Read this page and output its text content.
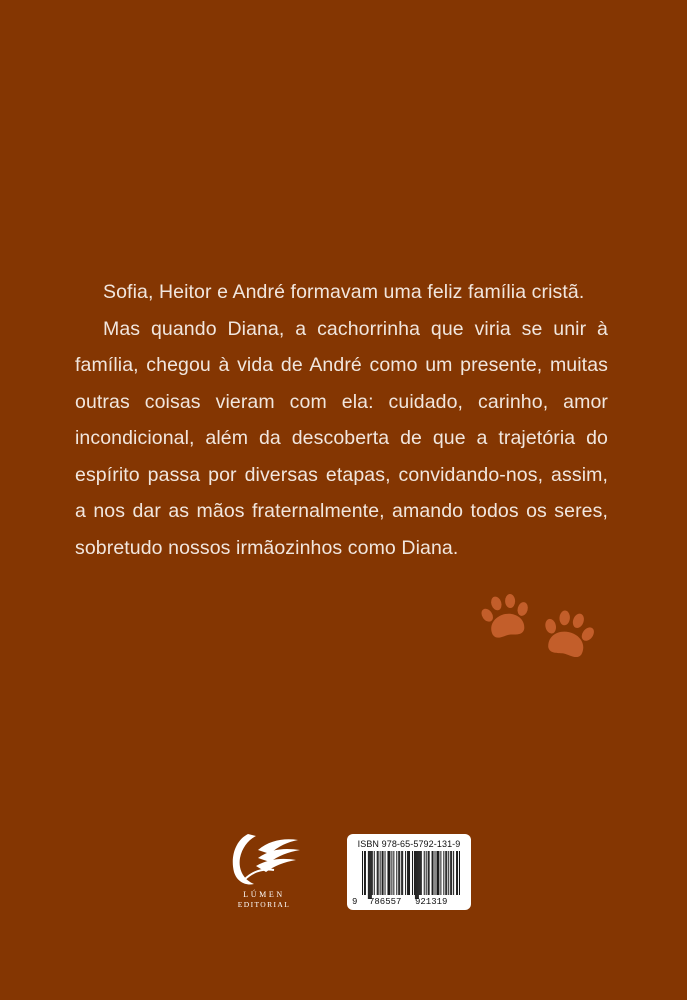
Sofia, Heitor e André formavam uma feliz família cristã.

Mas quando Diana, a cachorrinha que viria se unir à família, chegou à vida de André como um presente, muitas outras coisas vieram com ela: cuidado, carinho, amor incondicional, além da descoberta de que a trajetória do espírito passa por diversas etapas, convidando-nos, assim, a nos dar as mãos fraternalmente, amando todos os seres, sobretudo nossos irmãozinhos como Diana.

LÚMEN
EDITORIAL
ISBN 978-65-5792-131-9
9 786557 921319
